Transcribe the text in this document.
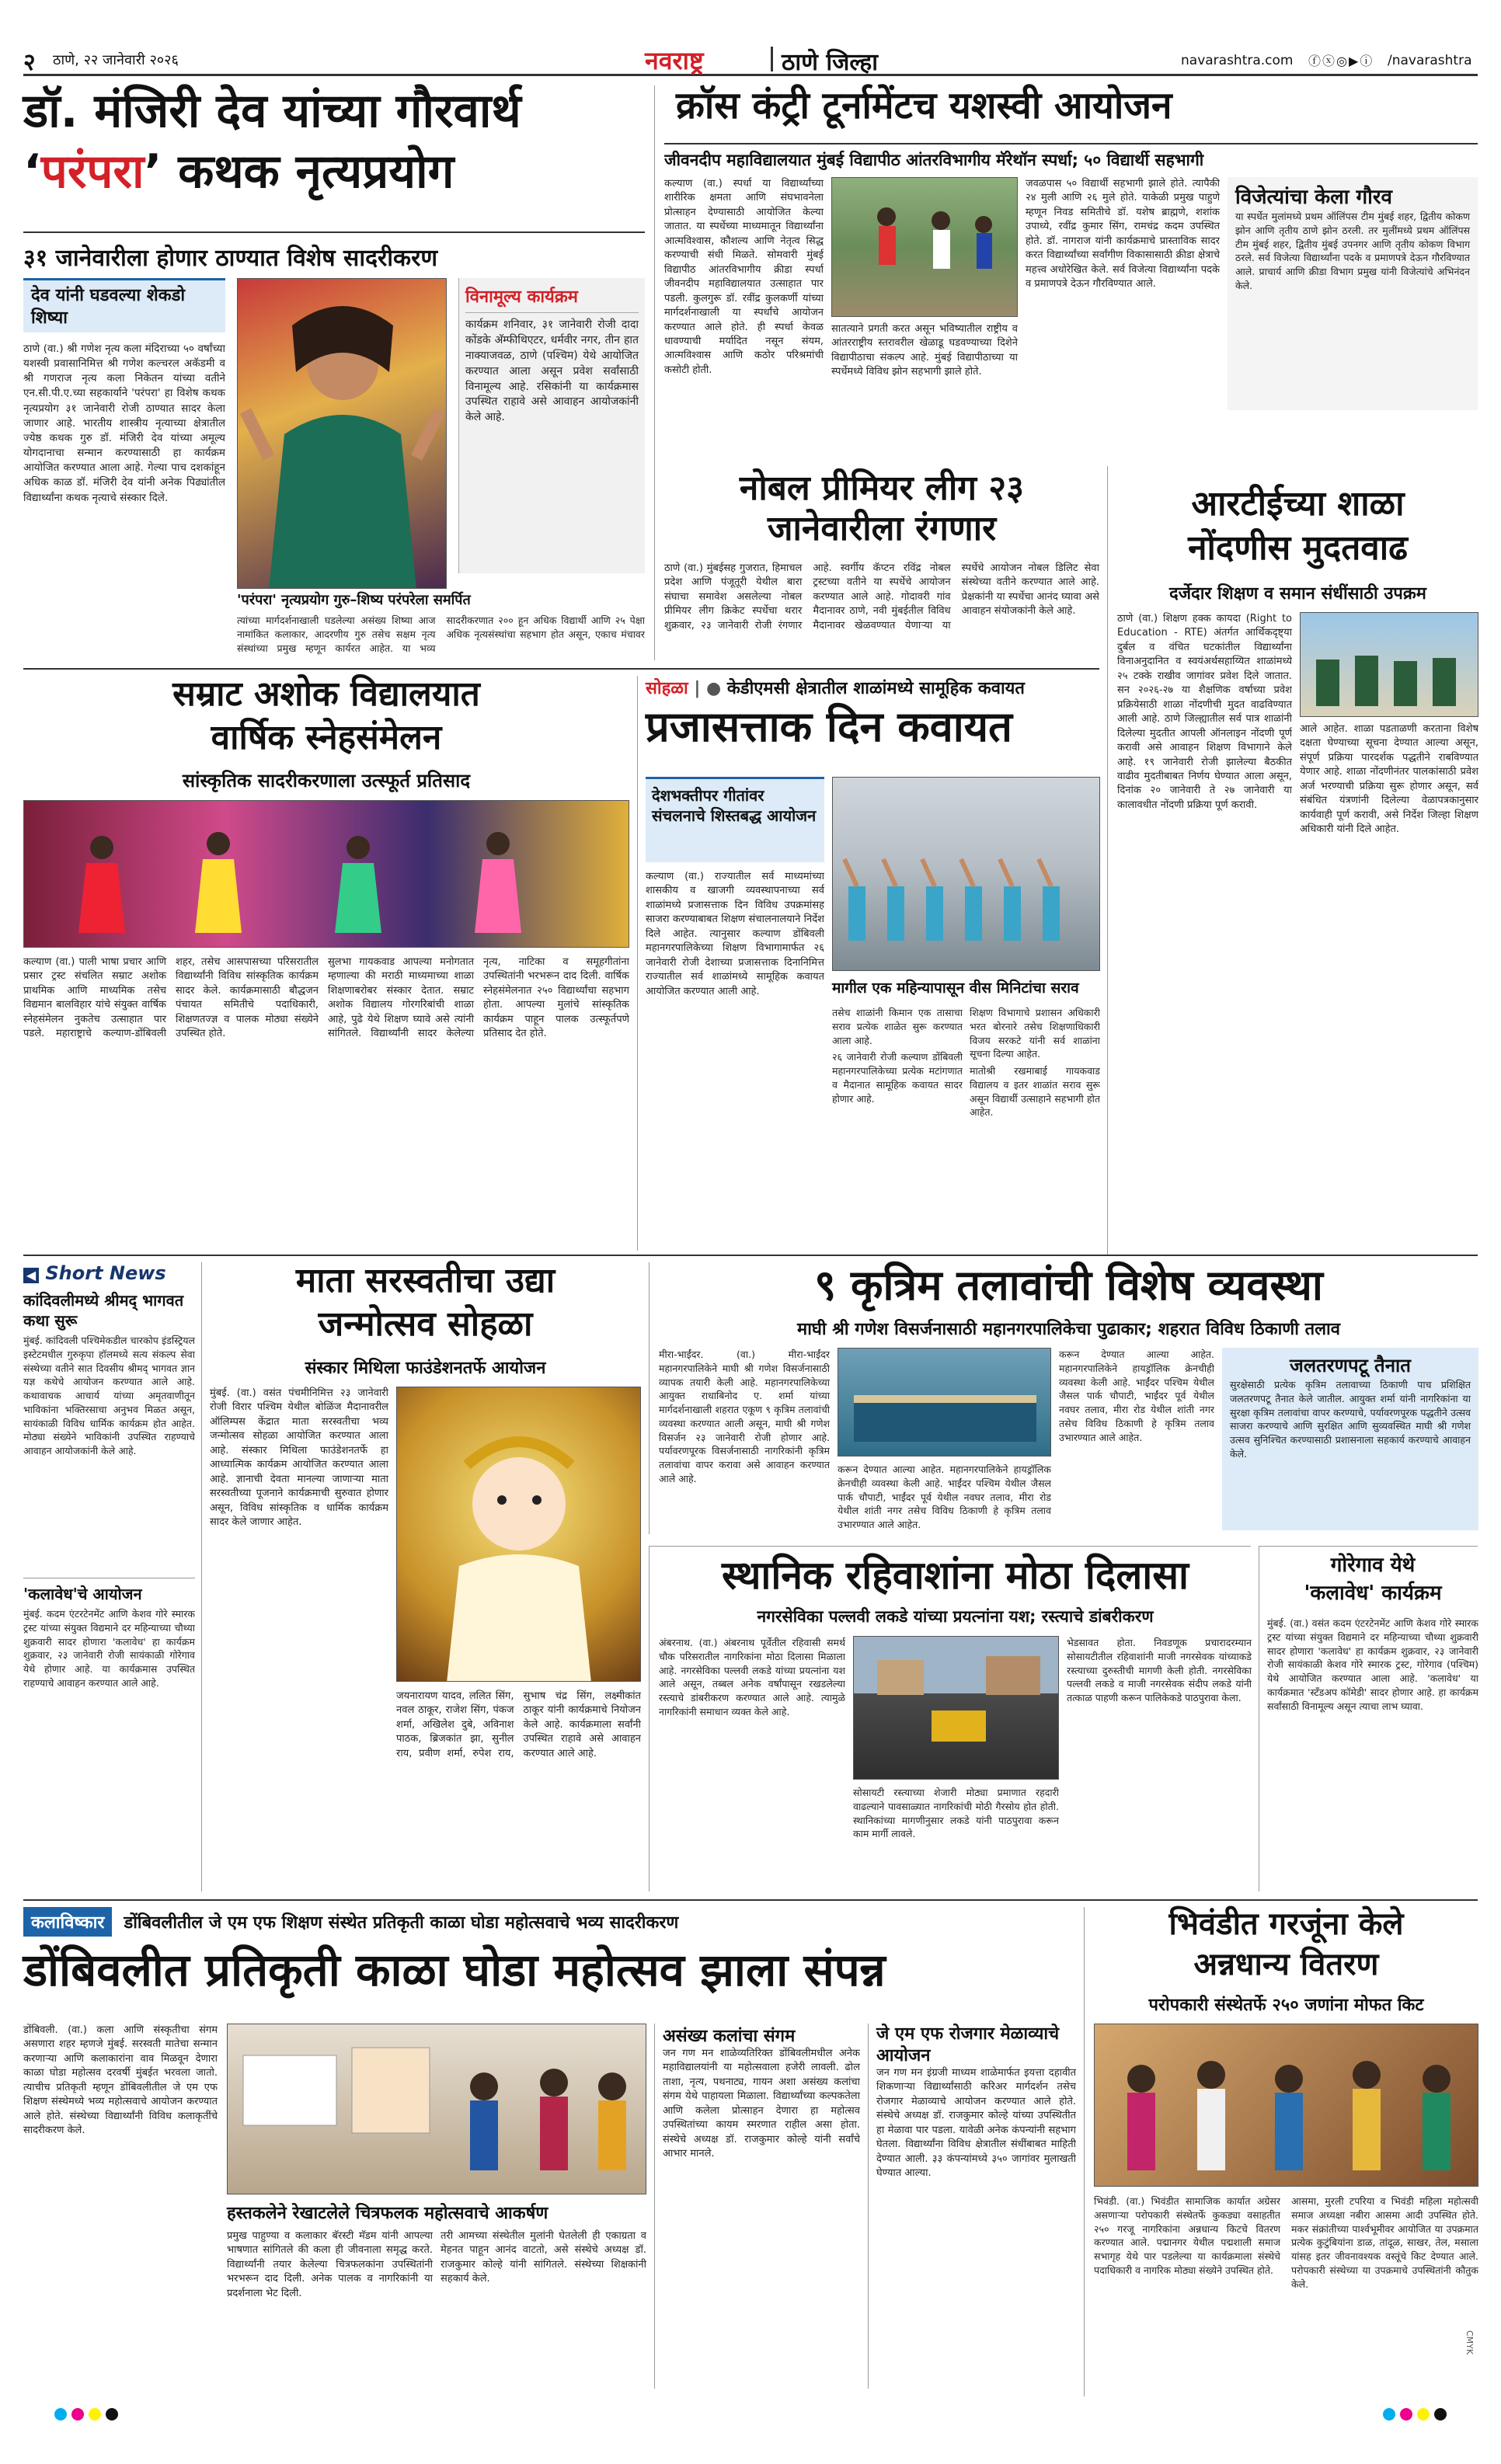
२ ठाणे, २२ जानेवारी २०२६	नवराष्ट्र	ठाणे जिल्हा	navarashtra.com ⓕⓧ◎▶ⓘ /navarashtra
डॉ. मंजिरी देव यांच्या गौरवार्थ
‘परंपरा’ कथक नृत्यप्रयोग
३१ जानेवारीला होणार ठाण्यात विशेष सादरीकरण
देव यांनी घडवल्या शेकडो शिष्या
ठाणे (वा.) श्री गणेश नृत्य कला मंदिराच्या ५० वर्षांच्या यशस्वी प्रवासानिमित्त श्री गणेश कल्चरल अकॅडमी व श्री गणराज नृत्य कला निकेतन यांच्या वतीने एन.सी.पी.ए.च्या सहकार्याने 'परंपरा' हा विशेष कथक नृत्यप्रयोग ३१ जानेवारी रोजी ठाण्यात सादर केला जाणार आहे. भारतीय शास्त्रीय नृत्याच्या क्षेत्रातील ज्येष्ठ कथक गुरु डॉ. मंजिरी देव यांच्या अमूल्य योगदानाचा सन्मान करण्यासाठी हा कार्यक्रम आयोजित करण्यात आला आहे. गेल्या पाच दशकांहून अधिक काळ डॉ. मंजिरी देव यांनी अनेक पिढ्यांतील विद्यार्थ्यांना कथक नृत्याचे संस्कार दिले.
विनामूल्य कार्यक्रम
कार्यक्रम शनिवार, ३१ जानेवारी रोजी दादा कोंडके अ‍ॅम्फीथिएटर, धर्मवीर नगर, तीन हात नाक्याजवळ, ठाणे (पश्चिम) येथे आयोजित करण्यात आला असून प्रवेश सर्वांसाठी विनामूल्य आहे. रसिकांनी या कार्यक्रमास उपस्थित राहावे असे आवाहन आयोजकांनी केले आहे.
'परंपरा' नृत्यप्रयोग गुरु–शिष्य परंपरेला समर्पित
त्यांच्या मार्गदर्शनाखाली घडलेल्या असंख्य शिष्या आज नामांकित कलाकार, आदरणीय गुरु तसेच सक्षम नृत्य संस्थांच्या प्रमुख म्हणून कार्यरत आहेत. या भव्य सादरीकरणात २०० हून अधिक विद्यार्थी आणि २५ पेक्षा अधिक नृत्यसंस्थांचा सहभाग होत असून, एकाच मंचावर
क्रॉस कंट्री टूर्नामेंटच यशस्वी आयोजन
जीवनदीप महाविद्यालयात मुंबई विद्यापीठ आंतरविभागीय मॅरेथॉन स्पर्धा; ५० विद्यार्थी सहभागी
कल्याण (वा.) स्पर्धा या विद्यार्थ्यांच्या शारीरिक क्षमता आणि संघभावनेला प्रोत्साहन देण्यासाठी आयोजित केल्या जातात. या स्पर्धेच्या माध्यमातून विद्यार्थ्यांना आत्मविश्वास, कौशल्य आणि नेतृत्व सिद्ध करण्याची संधी मिळते. सोमवारी मुंबई विद्यापीठ आंतरविभागीय क्रीडा स्पर्धा जीवनदीप महाविद्यालयात उत्साहात पार पडली. कुलगुरू डॉ. रवींद्र कुलकर्णी यांच्या मार्गदर्शनाखाली या स्पर्धांचे आयोजन करण्यात आले होते. ही स्पर्धा केवळ धावण्याची मर्यादित नसून संयम, आत्मविश्वास आणि कठोर परिश्रमांची कसोटी होती.
सातत्याने प्रगती करत असून भविष्यातील राष्ट्रीय व आंतरराष्ट्रीय स्तरावरील खेळाडू घडवण्याच्या दिशेने विद्यापीठाचा संकल्प आहे. मुंबई विद्यापीठाच्या या स्पर्धेमध्ये विविध झोन सहभागी झाले होते.
जवळपास ५० विद्यार्थी सहभागी झाले होते. त्यापैकी २४ मुली आणि २६ मुले होते. याकेळी प्रमुख पाहुणे म्हणून निवड समितीचे डॉ. यशेष ब्राह्मणे, शशांक उपाध्ये, रवींद्र कुमार सिंग, रामचंद्र कदम उपस्थित होते. डॉ. नागराज यांनी कार्यक्रमाचे प्रास्ताविक सादर करत विद्यार्थ्यांच्या सर्वांगीण विकासासाठी क्रीडा क्षेत्राचे महत्त्व अधोरेखित केले. सर्व विजेत्या विद्यार्थ्यांना पदके व प्रमाणपत्रे देऊन गौरविण्यात आले.
विजेत्यांचा केला गौरव
या स्पर्धेत मुलांमध्ये प्रथम ऑलिंपस टीम मुंबई शहर, द्वितीय कोकण झोन आणि तृतीय ठाणे झोन ठरली. तर मुलींमध्ये प्रथम ऑलिंपस टीम मुंबई शहर, द्वितीय मुंबई उपनगर आणि तृतीय कोकण विभाग ठरले. सर्व विजेत्या विद्यार्थ्यांना पदके व प्रमाणपत्रे देऊन गौरविण्यात आले. प्राचार्य आणि क्रीडा विभाग प्रमुख यांनी विजेत्यांचे अभिनंदन केले.
नोबल प्रीमियर लीग २३
जानेवारीला रंगणार
ठाणे (वा.) मुंबईसह गुजरात, हिमाचल प्रदेश आणि पंजूतूरी येथील बारा संघाचा समावेश असलेल्या नोबल प्रीमियर लीग क्रिकेट स्पर्धेचा थरार शुक्रवार, २३ जानेवारी रोजी रंगणार आहे. स्वर्गीय कॅप्टन रविंद्र नोबल ट्रस्टच्या वतीने या स्पर्धेचे आयोजन करण्यात आले आहे. गोदावरी गांव मैदानावर ठाणे, नवी मुंबईतील विविध मैदानावर खेळवण्यात येणाऱ्या या स्पर्धेचे आयोजन नोबल डिलिट सेवा संस्थेच्या वतीने करण्यात आले आहे. प्रेक्षकांनी या स्पर्धेचा आनंद घ्यावा असे आवाहन संयोजकांनी केले आहे.
आरटीईच्या शाळा
नोंदणीस मुदतवाढ
दर्जेदार शिक्षण व समान संधींसाठी उपक्रम
ठाणे (वा.) शिक्षण हक्क कायदा (Right to Education - RTE) अंतर्गत आर्थिकदृष्ट्या दुर्बल व वंचित घटकांतील विद्यार्थ्यांना विनाअनुदानित व स्वयंअर्थसहाय्यित शाळांमध्ये २५ टक्के राखीव जागांवर प्रवेश दिले जातात. सन २०२६-२७ या शैक्षणिक वर्षाच्या प्रवेश प्रक्रियेसाठी शाळा नोंदणीची मुदत वाढविण्यात आली आहे. ठाणे जिल्ह्यातील सर्व पात्र शाळांनी दिलेल्या मुदतीत आपली ऑनलाइन नोंदणी पूर्ण करावी असे आवाहन शिक्षण विभागाने केले आहे. १९ जानेवारी रोजी झालेल्या बैठकीत वाढीव मुदतीबाबत निर्णय घेण्यात आला असून, दिनांक २० जानेवारी ते २७ जानेवारी या कालावधीत नोंदणी प्रक्रिया पूर्ण करावी.
आले आहेत. शाळा पडताळणी करताना विशेष दक्षता घेण्याच्या सूचना देण्यात आल्या असून, संपूर्ण प्रक्रिया पारदर्शक पद्धतीने राबविण्यात येणार आहे. शाळा नोंदणीनंतर पालकांसाठी प्रवेश अर्ज भरण्याची प्रक्रिया सुरू होणार असून, सर्व संबंधित यंत्रणांनी दिलेल्या वेळापत्रकानुसार कार्यवाही पूर्ण करावी, असे निर्देश जिल्हा शिक्षण अधिकारी यांनी दिले आहेत.
सम्राट अशोक विद्यालयात
वार्षिक स्नेहसंमेलन
सांस्कृतिक सादरीकरणाला उत्स्फूर्त प्रतिसाद
कल्याण (वा.) पाली भाषा प्रचार आणि प्रसार ट्रस्ट संचलित सम्राट अशोक प्राथमिक आणि माध्यमिक तसेच विद्यमान बालविहार यांचे संयुक्त वार्षिक स्नेहसंमेलन नुकतेच उत्साहात पार पडले. महाराष्ट्राचे कल्याण-डोंबिवली शहर, तसेच आसपासच्या परिसरातील विद्यार्थ्यांनी विविध सांस्कृतिक कार्यक्रम सादर केले. कार्यक्रमासाठी बौद्धजन पंचायत समितीचे पदाधिकारी, शिक्षणतज्ज्ञ व पालक मोठ्या संख्येने उपस्थित होते.
सुलभा गायकवाड आपल्या मनोगतात म्हणाल्या की मराठी माध्यमाच्या शाळा शिक्षणाबरोबर संस्कार देतात. सम्राट अशोक विद्यालय गोरगरिबांची शाळा आहे, पुढे येथे शिक्षण घ्यावे असे त्यांनी सांगितले. विद्यार्थ्यांनी सादर केलेल्या नृत्य, नाटिका व समूहगीतांना उपस्थितांनी भरभरून दाद दिली. वार्षिक स्नेहसंमेलनात २५० विद्यार्थ्यांचा सहभाग होता. आपल्या मुलांचे सांस्कृतिक कार्यक्रम पाहून पालक उत्स्फूर्तपणे प्रतिसाद देत होते.
सोहळा | ● केडीएमसी क्षेत्रातील शाळांमध्ये सामूहिक कवायत
प्रजासत्ताक दिन कवायत
देशभक्तीपर गीतांवर संचलनाचे शिस्तबद्ध आयोजन
कल्याण (वा.) राज्यातील सर्व माध्यमांच्या शासकीय व खाजगी व्यवस्थापनाच्या सर्व शाळांमध्ये प्रजासत्ताक दिन विविध उपक्रमांसह साजरा करण्याबाबत शिक्षण संचालनालयाने निर्देश दिले आहेत. त्यानुसार कल्याण डोंबिवली महानगरपालिकेच्या शिक्षण विभागामार्फत २६ जानेवारी रोजी देशाच्या प्रजासत्ताक दिनानिमित्त राज्यातील सर्व शाळांमध्ये सामूहिक कवायत आयोजित करण्यात आली आहे.	मागील एक महिन्यापासून वीस मिनिटांचा सराव

तसेच शाळांनी किमान एक तासाचा सराव प्रत्येक शाळेत सुरू करण्यात आला आहे.

२६ जानेवारी रोजी कल्याण डोंबिवली महानगरपालिकेच्या प्रत्येक मटांगणात व मैदानात सामूहिक कवायत सादर होणार आहे.

शिक्षण विभागाचे प्रशासन अधिकारी भरत बोरनारे तसेच शिक्षणाधिकारी विजय सरकटे यांनी सर्व शाळांना सूचना दिल्या आहेत.

मातोश्री रखमाबाई गायकवाड विद्यालय व इतर शाळांत सराव सुरू असून विद्यार्थी उत्साहाने सहभागी होत आहेत.

◀ Short News
कांदिवलीमध्ये श्रीमद् भागवत कथा सुरू
मुंबई. कांदिवली पश्चिमेकडील चारकोप इंडस्ट्रियल इस्टेटमधील गुरुकृपा हॉलमध्ये सत्य संकल्प सेवा संस्थेच्या वतीने सात दिवसीय श्रीमद् भागवत ज्ञान यज्ञ कथेचे आयोजन करण्यात आले आहे. कथावाचक आचार्य यांच्या अमृतवाणीतून भाविकांना भक्तिरसाचा अनुभव मिळत असून, सायंकाळी विविध धार्मिक कार्यक्रम होत आहेत. मोठ्या संख्येने भाविकांनी उपस्थित राहण्याचे आवाहन आयोजकांनी केले आहे.
'कलावेध'चे आयोजन
मुंबई. कदम एंटरटेनमेंट आणि केशव गोरे स्मारक ट्रस्ट यांच्या संयुक्त विद्यमाने दर महिन्याच्या चौथ्या शुक्रवारी सादर होणारा 'कलावेध' हा कार्यक्रम शुक्रवार, २३ जानेवारी रोजी सायंकाळी गोरेगाव येथे होणार आहे. या कार्यक्रमास उपस्थित राहण्याचे आवाहन करण्यात आले आहे.
माता सरस्वतीचा उद्या
जन्मोत्सव सोहळा
संस्कार मिथिला फाउंडेशनतर्फे आयोजन
मुंबई. (वा.) वसंत पंचमीनिमित्त २३ जानेवारी रोजी विरार पश्चिम येथील बोळिंज मैदानावरील ऑलिम्पस केंद्रात माता सरस्वतीचा भव्य जन्मोत्सव सोहळा आयोजित करण्यात आला आहे. संस्कार मिथिला फाउंडेशनतर्फे हा आध्यात्मिक कार्यक्रम आयोजित करण्यात आला आहे. ज्ञानाची देवता मानल्या जाणाऱ्या माता सरस्वतीच्या पूजनाने कार्यक्रमाची सुरुवात होणार असून, विविध सांस्कृतिक व धार्मिक कार्यक्रम सादर केले जाणार आहेत.
जयनारायण यादव, ललित सिंग, नवल ठाकूर, राजेश सिंग, पंकज शर्मा, अखिलेश दुबे, अविनाश पाठक, ब्रिजकांत झा, सुनील राय, प्रवीण शर्मा, रुपेश राय, सुभाष चंद्र सिंग, लक्ष्मीकांत ठाकूर यांनी कार्यक्रमाचे नियोजन केले आहे. कार्यक्रमाला सर्वांनी उपस्थित राहावे असे आवाहन करण्यात आले आहे.
९ कृत्रिम तलावांची विशेष व्यवस्था
माघी श्री गणेश विसर्जनासाठी महानगरपालिकेचा पुढाकार; शहरात विविध ठिकाणी तलाव
मीरा-भाईंदर. (वा.) मीरा-भाईंदर महानगरपालिकेने माघी श्री गणेश विसर्जनासाठी व्यापक तयारी केली आहे. महानगरपालिकेच्या आयुक्त राधाबिनोद ए. शर्मा यांच्या मार्गदर्शनाखाली शहरात एकूण ९ कृत्रिम तलावांची व्यवस्था करण्यात आली असून, माघी श्री गणेश विसर्जन २३ जानेवारी रोजी होणार आहे. पर्यावरणपूरक विसर्जनासाठी नागरिकांनी कृत्रिम तलावांचा वापर करावा असे आवाहन करण्यात आले आहे.
करून देण्यात आल्या आहेत. महानगरपालिकेने हायड्रॉलिक क्रेनचीही व्यवस्था केली आहे. भाईंदर पश्चिम येथील जैसल पार्क चौपाटी, भाईंदर पूर्व येथील नवघर तलाव, मीरा रोड येथील शांती नगर तसेच विविध ठिकाणी हे कृत्रिम तलाव उभारण्यात आले आहेत.
करून देण्यात आल्या आहेत. महानगरपालिकेने हायड्रॉलिक क्रेनचीही व्यवस्था केली आहे. भाईंदर पश्चिम येथील जैसल पार्क चौपाटी, भाईंदर पूर्व येथील नवघर तलाव, मीरा रोड येथील शांती नगर तसेच विविध ठिकाणी हे कृत्रिम तलाव उभारण्यात आले आहेत.
जलतरणपटू तैनात
सुरक्षेसाठी प्रत्येक कृत्रिम तलावाच्या ठिकाणी पाच प्रशिक्षित जलतरणपटू तैनात केले जातील. आयुक्त शर्मा यांनी नागरिकांना या सुरक्षा कृत्रिम तलावांचा वापर करण्याचे, पर्यावरणपूरक पद्धतीने उत्सव साजरा करण्याचे आणि सुरक्षित आणि सुव्यवस्थित माघी श्री गणेश उत्सव सुनिश्चित करण्यासाठी प्रशासनाला सहकार्य करण्याचे आवाहन केले.
स्थानिक रहिवाशांना मोठा दिलासा
नगरसेविका पल्लवी लकडे यांच्या प्रयत्नांना यश; रस्त्याचे डांबरीकरण
अंबरनाथ. (वा.) अंबरनाथ पूर्वेतील रहिवासी समर्थ चौक परिसरातील नागरिकांना मोठा दिलासा मिळाला आहे. नगरसेविका पल्लवी लकडे यांच्या प्रयत्नांना यश आले असून, तब्बल अनेक वर्षांपासून रखडलेल्या रस्त्याचे डांबरीकरण करण्यात आले आहे. त्यामुळे नागरिकांनी समाधान व्यक्त केले आहे.
सोसायटी रस्त्याच्या शेजारी मोठ्या प्रमाणात रहदारी वाढल्याने पावसाळ्यात नागरिकांची मोठी गैरसोय होत होती. स्थानिकांच्या मागणीनुसार लकडे यांनी पाठपुरावा करून काम मार्गी लावले.
भेडसावत होता. निवडणूक प्रचारादरम्यान सोसायटीतील रहिवाशांनी माजी नगरसेवक यांच्याकडे रस्त्याच्या दुरुस्तीची मागणी केली होती. नगरसेविका पल्लवी लकडे व माजी नगरसेवक संदीप लकडे यांनी तत्काळ पाहणी करून पालिकेकडे पाठपुरावा केला.
गोरेगाव येथे
'कलावेध' कार्यक्रम
मुंबई. (वा.) वसंत कदम एंटरटेनमेंट आणि केशव गोरे स्मारक ट्रस्ट यांच्या संयुक्त विद्यमाने दर महिन्याच्या चौथ्या शुक्रवारी सादर होणारा 'कलावेध' हा कार्यक्रम शुक्रवार, २३ जानेवारी रोजी सायंकाळी केशव गोरे स्मारक ट्रस्ट, गोरेगाव (पश्चिम) येथे आयोजित करण्यात आला आहे. 'कलावेध' या कार्यक्रमात 'स्टँडअप कॉमेडी' सादर होणार आहे. हा कार्यक्रम सर्वांसाठी विनामूल्य असून त्याचा लाभ घ्यावा.
कलाविष्कार डोंबिवलीतील जे एम एफ शिक्षण संस्थेत प्रतिकृती काळा घोडा महोत्सवाचे भव्य सादरीकरण
डोंबिवलीत प्रतिकृती काळा घोडा महोत्सव झाला संपन्न
डोंबिवली. (वा.) कला आणि संस्कृतीचा संगम असणारा शहर म्हणजे मुंबई. सरस्वती मातेचा सन्मान करणाऱ्या आणि कलाकारांना वाव मिळवून देणारा काळा घोडा महोत्सव दरवर्षी मुंबईत भरवला जातो. त्याचीच प्रतिकृती म्हणून डोंबिवलीतील जे एम एफ शिक्षण संस्थेमध्ये भव्य महोत्सवाचे आयोजन करण्यात आले होते. संस्थेच्या विद्यार्थ्यांनी विविध कलाकृतींचे सादरीकरण केले.
हस्तकलेने रेखाटलेले चित्रफलक महोत्सवाचे आकर्षण
प्रमुख पाहुण्या व कलाकार बॅरस्टी मॅडम यांनी आपल्या भाषणात सांगितले की कला ही जीवनाला समृद्ध करते. विद्यार्थ्यांनी तयार केलेल्या चित्रफलकांना उपस्थितांनी भरभरून दाद दिली. अनेक पालक व नागरिकांनी या प्रदर्शनाला भेट दिली.
तरी आमच्या संस्थेतील मुलांनी घेतलेली ही एकाग्रता व मेहनत पाहून आनंद वाटतो, असे संस्थेचे अध्यक्ष डॉ. राजकुमार कोल्हे यांनी सांगितले. संस्थेच्या शिक्षकांनी सहकार्य केले.
असंख्य कलांचा संगम
जन गण मन शाळेव्यतिरिक्त डोंबिवलीमधील अनेक महाविद्यालयांनी या महोत्सवाला हजेरी लावली. ढोल ताशा, नृत्य, पथनाट्य, गायन अशा असंख्य कलांचा संगम येथे पाहायला मिळाला. विद्यार्थ्यांच्या कल्पकतेला आणि कलेला प्रोत्साहन देणारा हा महोत्सव उपस्थितांच्या कायम स्मरणात राहील असा होता. संस्थेचे अध्यक्ष डॉ. राजकुमार कोल्हे यांनी सर्वांचे आभार मानले.
जे एम एफ रोजगार मेळाव्याचे आयोजन
जन गण मन इंग्रजी माध्यम शाळेमार्फत इयत्ता दहावीत शिकणाऱ्या विद्यार्थ्यांसाठी करिअर मार्गदर्शन तसेच रोजगार मेळाव्याचे आयोजन करण्यात आले होते. संस्थेचे अध्यक्ष डॉ. राजकुमार कोल्हे यांच्या उपस्थितीत हा मेळावा पार पडला. यावेळी अनेक कंपन्यांनी सहभाग घेतला. विद्यार्थ्यांना विविध क्षेत्रातील संधींबाबत माहिती देण्यात आली. ३३ कंपन्यांमध्ये ३५० जागांवर मुलाखती घेण्यात आल्या.
भिवंडीत गरजूंना केले
अन्नधान्य वितरण
परोपकारी संस्थेतर्फे २५० जणांना मोफत किट
भिवंडी. (वा.) भिवंडीत सामाजिक कार्यात अग्रेसर असणाऱ्या परोपकारी संस्थेतर्फे कुकड्या वसाहतीत २५० गरजू नागरिकांना अन्नधान्य किटचे वितरण करण्यात आले. पद्मानगर येथील पद्मशाली समाज सभागृह येथे पार पडलेल्या या कार्यक्रमाला संस्थेचे पदाधिकारी व नागरिक मोठ्या संख्येने उपस्थित होते.
आसमा, मुरली टपरिया व भिवंडी महिला महोत्सवी समाज अध्यक्षा नबीरा आसमा आदी उपस्थित होते. मकर संक्रांतीच्या पार्श्वभूमीवर आयोजित या उपक्रमात प्रत्येक कुटुंबियांना डाळ, तांदूळ, साखर, तेल, मसाला यांसह इतर जीवनावश्यक वस्तूंचे किट देण्यात आले. परोपकारी संस्थेच्या या उपक्रमाचे उपस्थितांनी कौतुक केले.
CMYK
